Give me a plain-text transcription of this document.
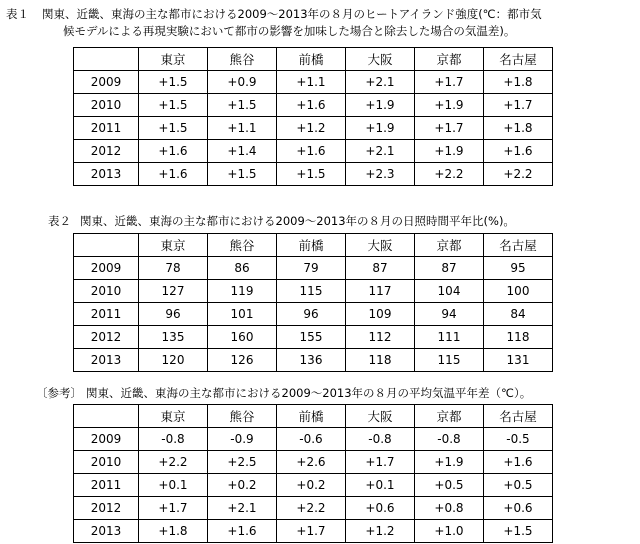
表１ 関東、近畿、東海の主な都市における2009～2013年の８月のヒートアイランド強度(℃：都市気
候モデルによる再現実験において都市の影響を加味した場合と除去した場合の気温差)。
	東京	熊谷	前橋	大阪	京都	名古屋
2009	+1.5	+0.9	+1.1	+2.1	+1.7	+1.8
2010	+1.5	+1.5	+1.6	+1.9	+1.9	+1.7
2011	+1.5	+1.1	+1.2	+1.9	+1.7	+1.8
2012	+1.6	+1.4	+1.6	+2.1	+1.9	+1.6
2013	+1.6	+1.5	+1.5	+2.3	+2.2	+2.2
表２ 関東、近畿、東海の主な都市における2009～2013年の８月の日照時間平年比(%)。
	東京	熊谷	前橋	大阪	京都	名古屋
2009	78	86	79	87	87	95
2010	127	119	115	117	104	100
2011	96	101	96	109	94	84
2012	135	160	155	112	111	118
2013	120	126	136	118	115	131
〔参考〕 関東、近畿、東海の主な都市における2009～2013年の８月の平均気温平年差（℃）。
	東京	熊谷	前橋	大阪	京都	名古屋
2009	-0.8	-0.9	-0.6	-0.8	-0.8	-0.5
2010	+2.2	+2.5	+2.6	+1.7	+1.9	+1.6
2011	+0.1	+0.2	+0.2	+0.1	+0.5	+0.5
2012	+1.7	+2.1	+2.2	+0.6	+0.8	+0.6
2013	+1.8	+1.6	+1.7	+1.2	+1.0	+1.5
